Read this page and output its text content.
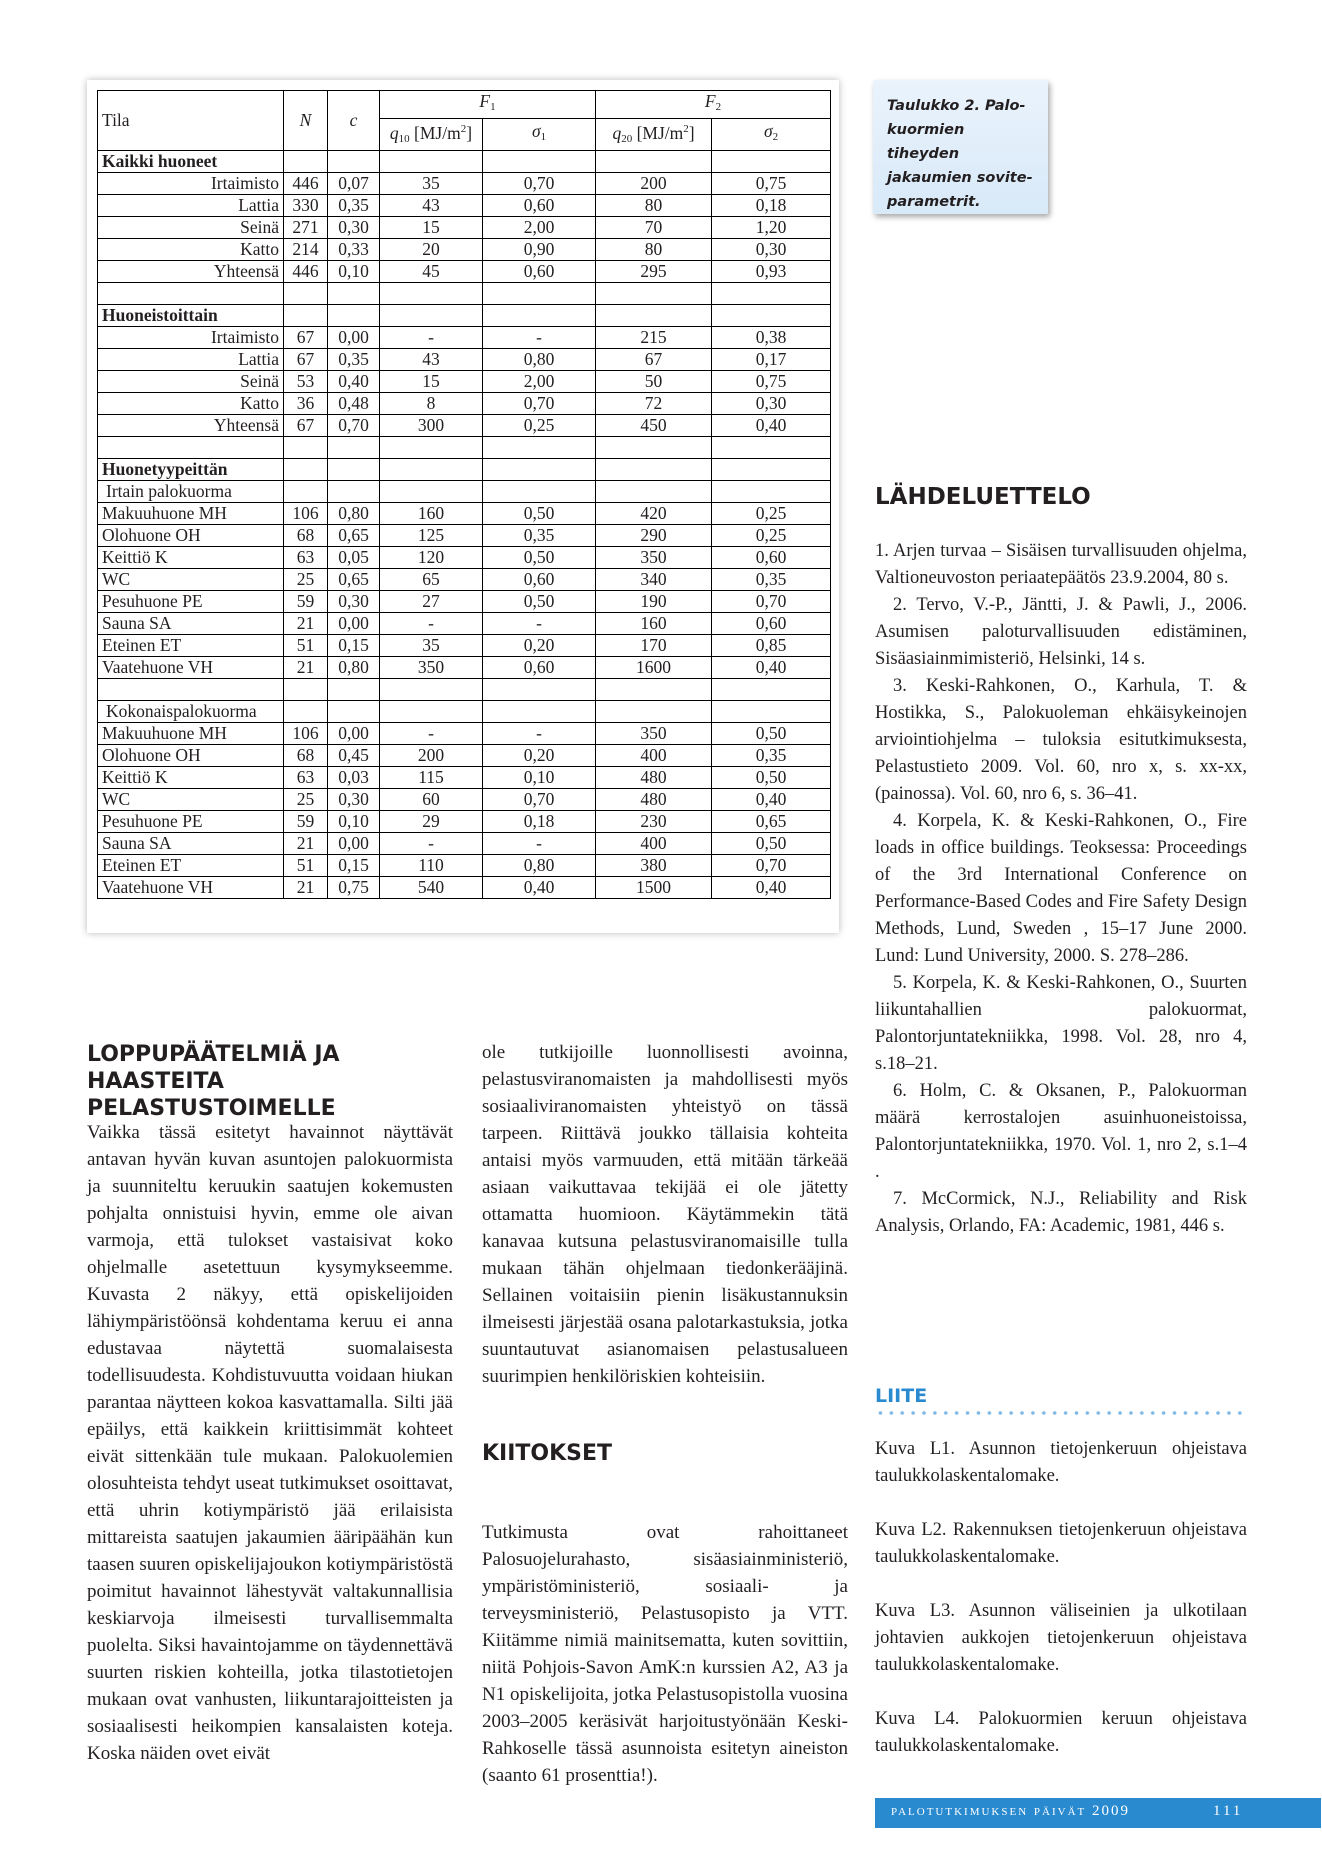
Tila	N	c	$F_1$		$F_2$
			$q_{10}$ $[MJ/m^2]$	$\sigma_1$	$q_{20}$ $[MJ/m^2]$	$\sigma_2$
Kaikki huoneet						
Irtaimisto	446	0,07	35	0,70	200	0,75
Lattia	330	0,35	43	0,60	80	0,18
Seinä	271	0,30	15	2,00	70	1,20
Katto	214	0,33	20	0,90	80	0,30
Yhteensä	446	0,10	45	0,60	295	0,93

Huoneistoittain						
Irtaimisto	67	0,00	-	-	215	0,38
Lattia	67	0,35	43	0,80	67	0,17
Seinä	53	0,40	15	2,00	50	0,75
Katto	36	0,48	8	0,70	72	0,30
Yhteensä	67	0,70	300	0,25	450	0,40

Huonetyypeittän						
Irtain palokuorma						
Makuuhuone MH	106	0,80	160	0,50	420	0,25
Olohuone OH	68	0,65	125	0,35	290	0,25
Keittiö K	63	0,05	120	0,50	350	0,60
WC	25	0,65	65	0,60	340	0,35
Pesuhuone PE	59	0,30	27	0,50	190	0,70
Sauna SA	21	0,00	-	-	160	0,60
Eteinen ET	51	0,15	35	0,20	170	0,85
Vaatehuone VH	21	0,80	350	0,60	1600	0,40

Kokonaispalokuorma						
Makuuhuone MH	106	0,00	-	-	350	0,50
Olohuone OH	68	0,45	200	0,20	400	0,35
Keittiö K	63	0,03	115	0,10	480	0,50
WC	25	0,30	60	0,70	480	0,40
Pesuhuone PE	59	0,10	29	0,18	230	0,65
Sauna SA	21	0,00	-	-	400	0,50
Eteinen ET	51	0,15	110	0,80	380	0,70
Vaatehuone VH	21	0,75	540	0,40	1500	0,40
Taulukko 2. Palo-
kuormien tiheyden
jakaumien sovite-
parametrit.
LÄHDELUETTELO

1. Arjen turvaa – Sisäisen turvallisuuden ohjelma, Valtioneuvoston periaatepäätös 23.9.2004, 80 s.

2. Tervo, V.-P., Jäntti, J. & Pawli, J., 2006. Asumisen paloturvallisuuden edistäminen, Sisäasiainmimisteriö, Helsinki, 14 s.

3. Keski-Rahkonen, O., Karhula, T. & Hostikka, S., Palokuoleman ehkäisykeinojen arviointiohjelma – tuloksia esitutkimuksesta, Pelastustieto 2009. Vol. 60, nro x, s. xx-xx, (painossa). Vol. 60, nro 6, s. 36–41.

4. Korpela, K. & Keski-Rahkonen, O., Fire loads in office buildings. Teoksessa: Proceedings of the 3rd International Conference on Performance-Based Codes and Fire Safety Design Methods, Lund, Sweden , 15–17 June 2000. Lund: Lund University, 2000. S. 278–286.

5. Korpela, K. & Keski-Rahkonen, O., Suurten liikuntahallien palokuormat, Palontorjuntatekniikka, 1998. Vol. 28, nro 4, s.18–21.

6. Holm, C. & Oksanen, P., Palokuorman määrä kerrostalojen asuinhuoneistoissa, Palontorjuntatekniikka, 1970. Vol. 1, nro 2, s.1–4 .

7. McCormick, N.J., Reliability and Risk Analysis, Orlando, FA: Academic, 1981, 446 s.

LIITE

Kuva L1. Asunnon tietojenkeruun ohjeistava taulukkolaskentalomake.

Kuva L2. Rakennuksen tietojenkeruun ohjeistava taulukkolaskentalomake.

Kuva L3. Asunnon väliseinien ja ulkotilaan johtavien aukkojen tietojenkeruun ohjeistava taulukkolaskentalomake.

Kuva L4. Palokuormien keruun ohjeistava taulukkolaskentalomake.

LOPPUPÄÄTELMIÄ JA
HAASTEITA PELASTUSTOIMELLE

Vaikka tässä esitetyt havainnot näyttävät antavan hyvän kuvan asuntojen palokuormista ja suunniteltu keruukin saatujen kokemusten pohjalta onnistuisi hyvin, emme ole aivan varmoja, että tulokset vastaisivat koko ohjelmalle asetettuun kysymykseemme. Kuvasta 2 näkyy, että opiskelijoiden lähiympäristöönsä kohdentama keruu ei anna edustavaa näytettä suomalaisesta todellisuudesta. Kohdistuvuutta voidaan hiukan parantaa näytteen kokoa kasvattamalla. Silti jää epäilys, että kaikkein kriittisimmät kohteet eivät sittenkään tule mukaan. Palokuolemien olosuhteista tehdyt useat tutkimukset osoittavat, että uhrin kotiympäristö jää erilaisista mittareista saatujen jakaumien ääripäähän kun taasen suuren opiskelijajoukon kotiympäristöstä poimitut havainnot lähestyvät valtakunnallisia keskiarvoja ilmeisesti turvallisemmalta puolelta. Siksi havaintojamme on täydennettävä suurten riskien kohteilla, jotka tilastotietojen mukaan ovat vanhusten, liikuntarajoitteisten ja sosiaalisesti heikompien kansalaisten koteja. Koska näiden ovet eivät

ole tutkijoille luonnollisesti avoinna, pelastusviranomaisten ja mahdollisesti myös sosiaaliviranomaisten yhteistyö on tässä tarpeen. Riittävä joukko tällaisia kohteita antaisi myös varmuuden, että mitään tärkeää asiaan vaikuttavaa tekijää ei ole jätetty ottamatta huomioon. Käytämmekin tätä kanavaa kutsuna pelastusviranomaisille tulla mukaan tähän ohjelmaan tiedonkerääjinä. Sellainen voitaisiin pienin lisäkustannuksin ilmeisesti järjestää osana palotarkastuksia, jotka suuntautuvat asianomaisen pelastusalueen suurimpien henkilöriskien kohteisiin.

KIITOKSET

Tutkimusta ovat rahoittaneet Palosuojelurahasto, sisäasiainministeriö, ympäristöministeriö, sosiaali- ja terveysministeriö, Pelastusopisto ja VTT. Kiitämme nimiä mainitsematta, kuten sovittiin, niitä Pohjois-Savon AmK:n kurssien A2, A3 ja N1 opiskelijoita, jotka Pelastusopistolla vuosina 2003–2005 keräsivät harjoitustyönään Keski-Rahkoselle tässä asunnoista esitetyn aineiston (saanto 61 prosenttia!).

palotutkimuksen päivät 2009	111
